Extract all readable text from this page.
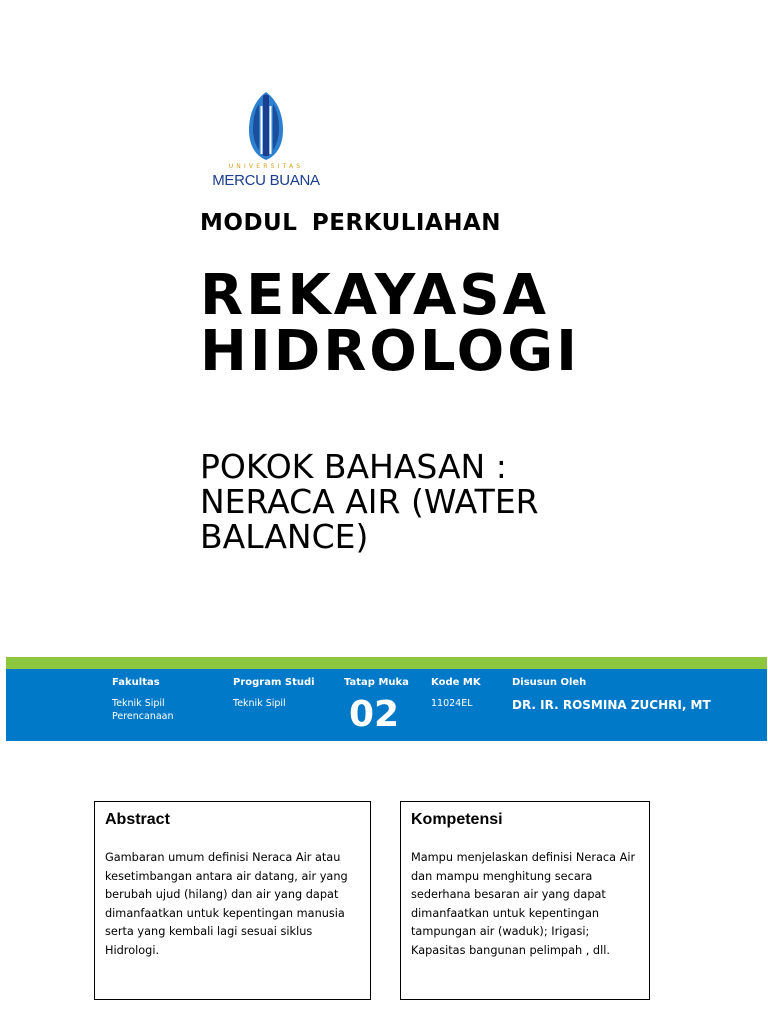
UNIVERSITAS
MERCU BUANA
MODUL PERKULIAHAN
REKAYASA
HIDROLOGI
POKOK BAHASAN :
NERACA AIR (WATER
BALANCE)
Fakultas
Teknik Sipil
Perencanaan
Program Studi
Teknik Sipil
Tatap Muka
02
Kode MK
11024EL
Disusun Oleh
DR. IR. ROSMINA ZUCHRI, MT
Abstract
Gambaran umum definisi Neraca Air atau
kesetimbangan antara air datang, air yang
berubah ujud (hilang) dan air yang dapat
dimanfaatkan untuk kepentingan manusia
serta yang kembali lagi sesuai siklus
Hidrologi.
Kompetensi
Mampu menjelaskan definisi Neraca Air
dan mampu menghitung secara
sederhana besaran air yang dapat
dimanfaatkan untuk kepentingan
tampungan air (waduk); Irigasi;
Kapasitas bangunan pelimpah , dll.
